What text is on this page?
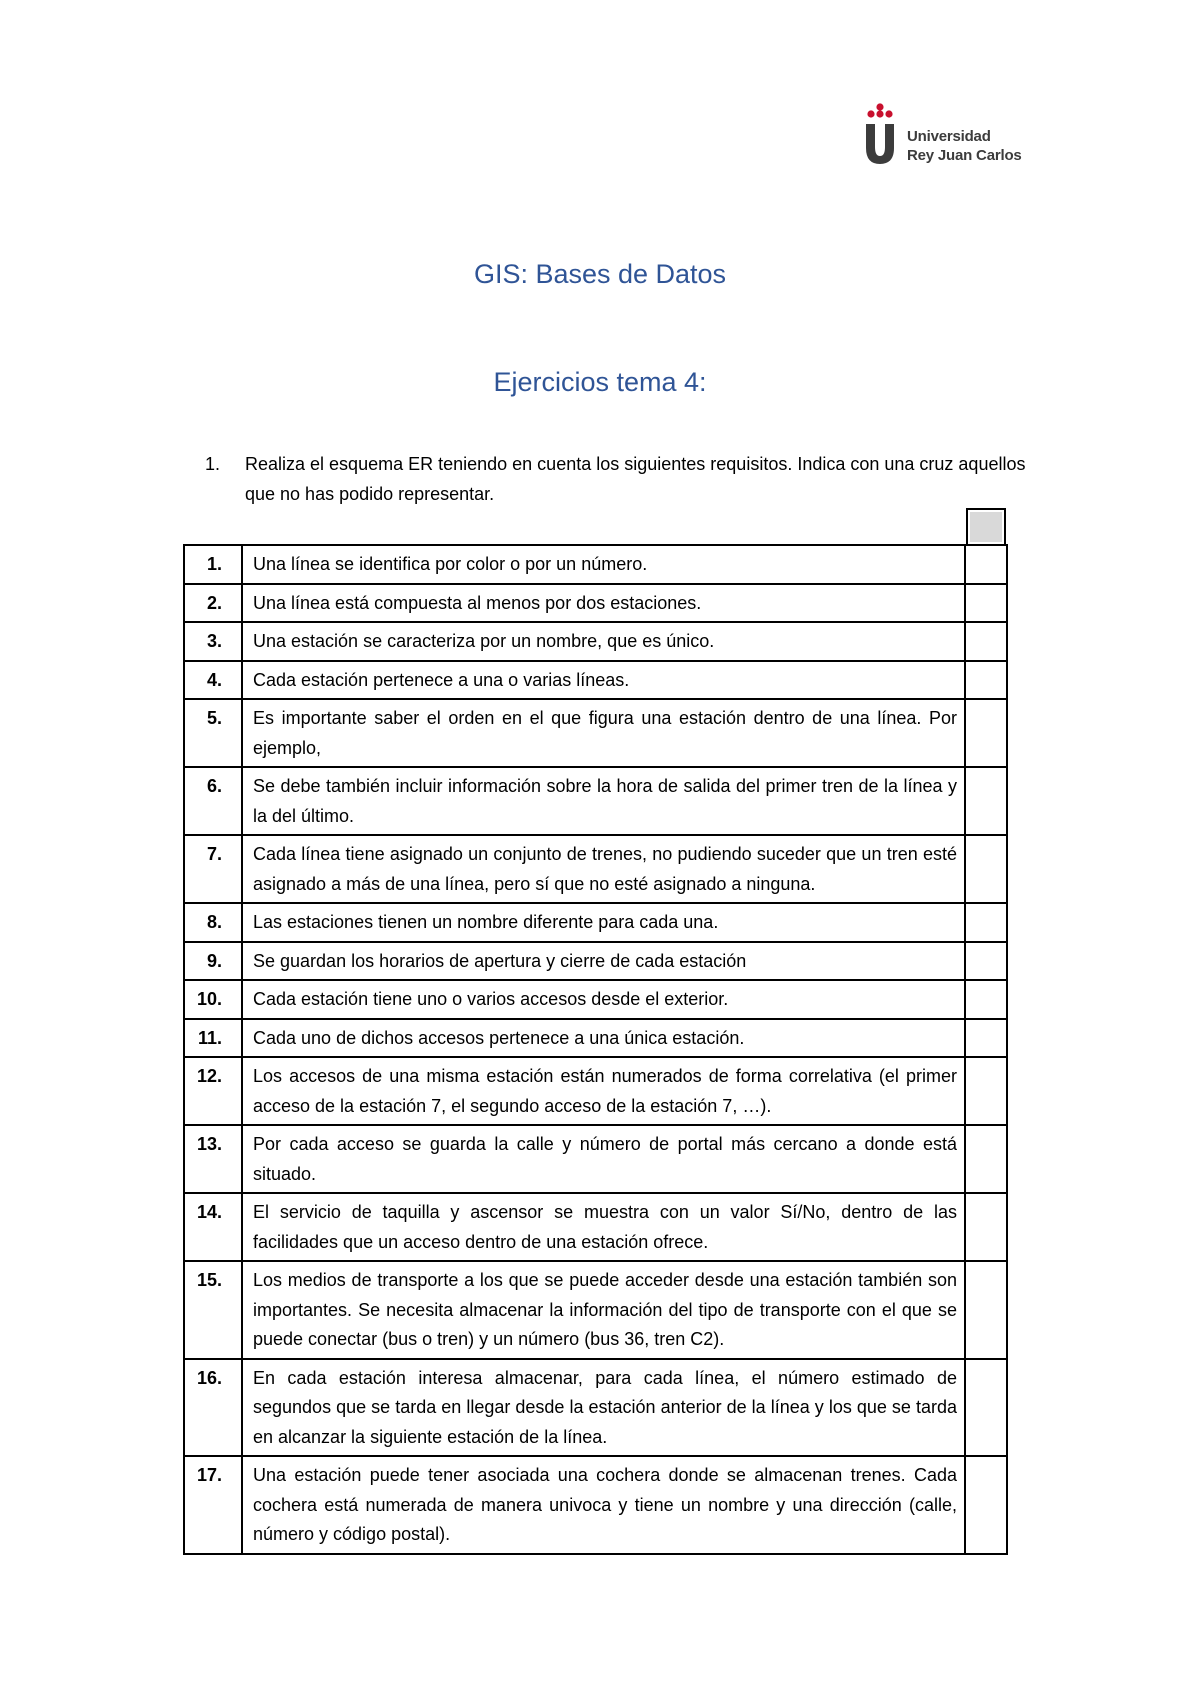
Universidad
Rey Juan Carlos
GIS: Bases de Datos
Ejercicios tema 4:
1. Realiza el esquema ER teniendo en cuenta los siguientes requisitos. Indica con una cruz aquellos que no has podido representar.
1.	Una línea se identifica por color o por un número.	
2.	Una línea está compuesta al menos por dos estaciones.	
3.	Una estación se caracteriza por un nombre, que es único.	
4.	Cada estación pertenece a una o varias líneas.	
5.	Es importante saber el orden en el que figura una estación dentro de una línea. Por ejemplo,	
6.	Se debe también incluir información sobre la hora de salida del primer tren de la línea y la del último.	
7.	Cada línea tiene asignado un conjunto de trenes, no pudiendo suceder que un tren esté asignado a más de una línea, pero sí que no esté asignado a ninguna.	
8.	Las estaciones tienen un nombre diferente para cada una.	
9.	Se guardan los horarios de apertura y cierre de cada estación	
10.	Cada estación tiene uno o varios accesos desde el exterior.	
11.	Cada uno de dichos accesos pertenece a una única estación.	
12.	Los accesos de una misma estación están numerados de forma correlativa (el primer acceso de la estación 7, el segundo acceso de la estación 7, …).	
13.	Por cada acceso se guarda la calle y número de portal más cercano a donde está situado.	
14.	El servicio de taquilla y ascensor se muestra con un valor Sí/No, dentro de las facilidades que un acceso dentro de una estación ofrece.	
15.	Los medios de transporte a los que se puede acceder desde una estación también son importantes. Se necesita almacenar la información del tipo de transporte con el que se puede conectar (bus o tren) y un número (bus 36, tren C2).	
16.	En cada estación interesa almacenar, para cada línea, el número estimado de segundos que se tarda en llegar desde la estación anterior de la línea y los que se tarda en alcanzar la siguiente estación de la línea.	
17.	Una estación puede tener asociada una cochera donde se almacenan trenes. Cada cochera está numerada de manera univoca y tiene un nombre y una dirección (calle, número y código postal).	
